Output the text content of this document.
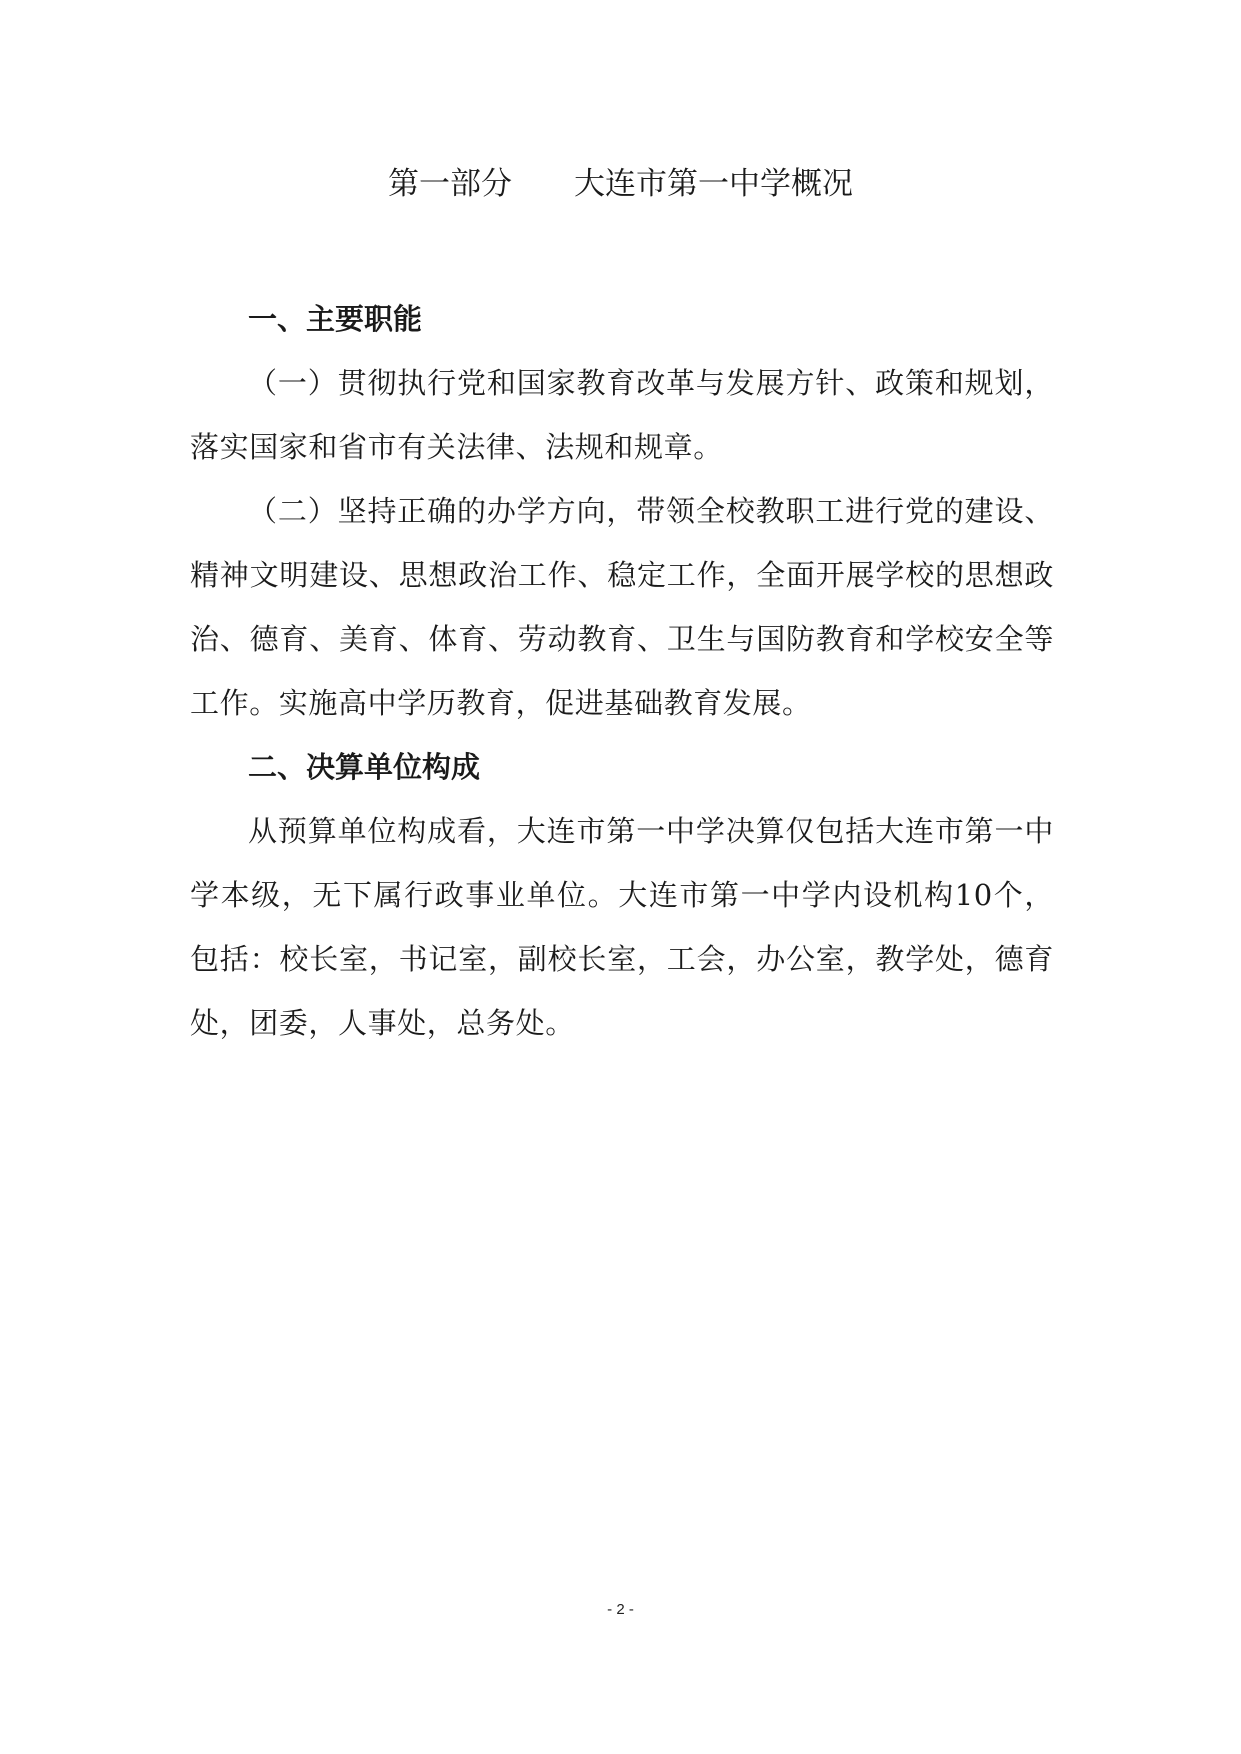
第一部分　　大连市第一中学概况
一、主要职能

（一）贯彻执行党和国家教育改革与发展方针、政策和规划，落实国家和省市有关法律、法规和规章。

（二）坚持正确的办学方向，带领全校教职工进行党的建设、精神文明建设、思想政治工作、稳定工作，全面开展学校的思想政治、德育、美育、体育、劳动教育、卫生与国防教育和学校安全等工作。实施高中学历教育，促进基础教育发展。

二、决算单位构成

从预算单位构成看，大连市第一中学决算仅包括大连市第一中学本级，无下属行政事业单位。大连市第一中学内设机构10个，包括：校长室，书记室，副校长室，工会，办公室，教学处，德育处，团委，人事处，总务处。

- 2 -
